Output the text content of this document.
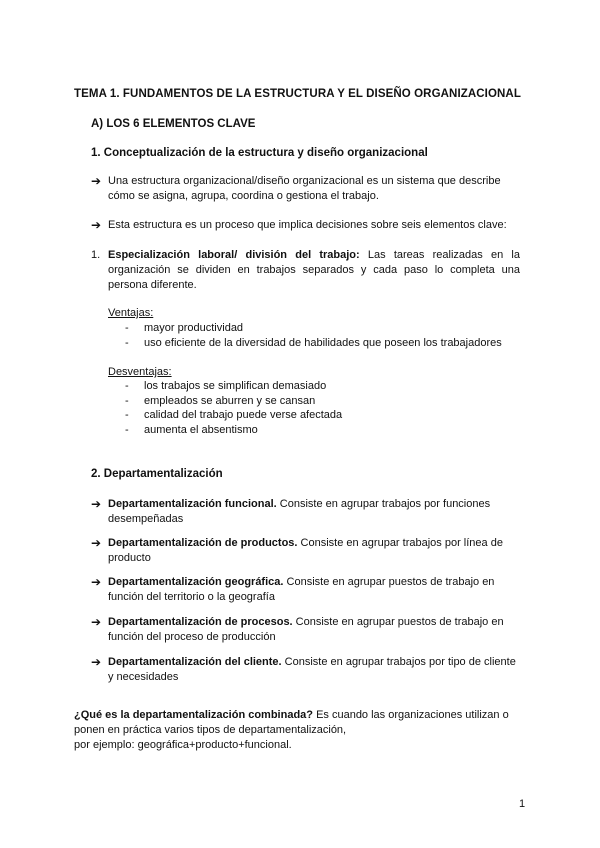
TEMA 1. FUNDAMENTOS DE LA ESTRUCTURA Y EL DISEÑO ORGANIZACIONAL
A) LOS 6 ELEMENTOS CLAVE
1. Conceptualización de la estructura y diseño organizacional
➔ Una estructura organizacional/diseño organizacional es un sistema que describe cómo se asigna, agrupa, coordina o gestiona el trabajo.
➔ Esta estructura es un proceso que implica decisiones sobre seis elementos clave:
1. Especialización laboral/ división del trabajo: Las tareas realizadas en la organización se dividen en trabajos separados y cada paso lo completa una persona diferente.
Ventajas:
- mayor productividad
- uso eficiente de la diversidad de habilidades que poseen los trabajadores
Desventajas:
- los trabajos se simplifican demasiado
- empleados se aburren y se cansan
- calidad del trabajo puede verse afectada
- aumenta el absentismo
2. Departamentalización
➔ Departamentalización funcional. Consiste en agrupar trabajos por funciones desempeñadas
➔ Departamentalización de productos. Consiste en agrupar trabajos por línea de producto
➔ Departamentalización geográfica. Consiste en agrupar puestos de trabajo en función del territorio o la geografía
➔ Departamentalización de procesos. Consiste en agrupar puestos de trabajo en función del proceso de producción
➔ Departamentalización del cliente. Consiste en agrupar trabajos por tipo de cliente y necesidades
¿Qué es la departamentalización combinada? Es cuando las organizaciones utilizan o ponen en práctica varios tipos de departamentalización,
por ejemplo: geográfica+producto+funcional.
1
